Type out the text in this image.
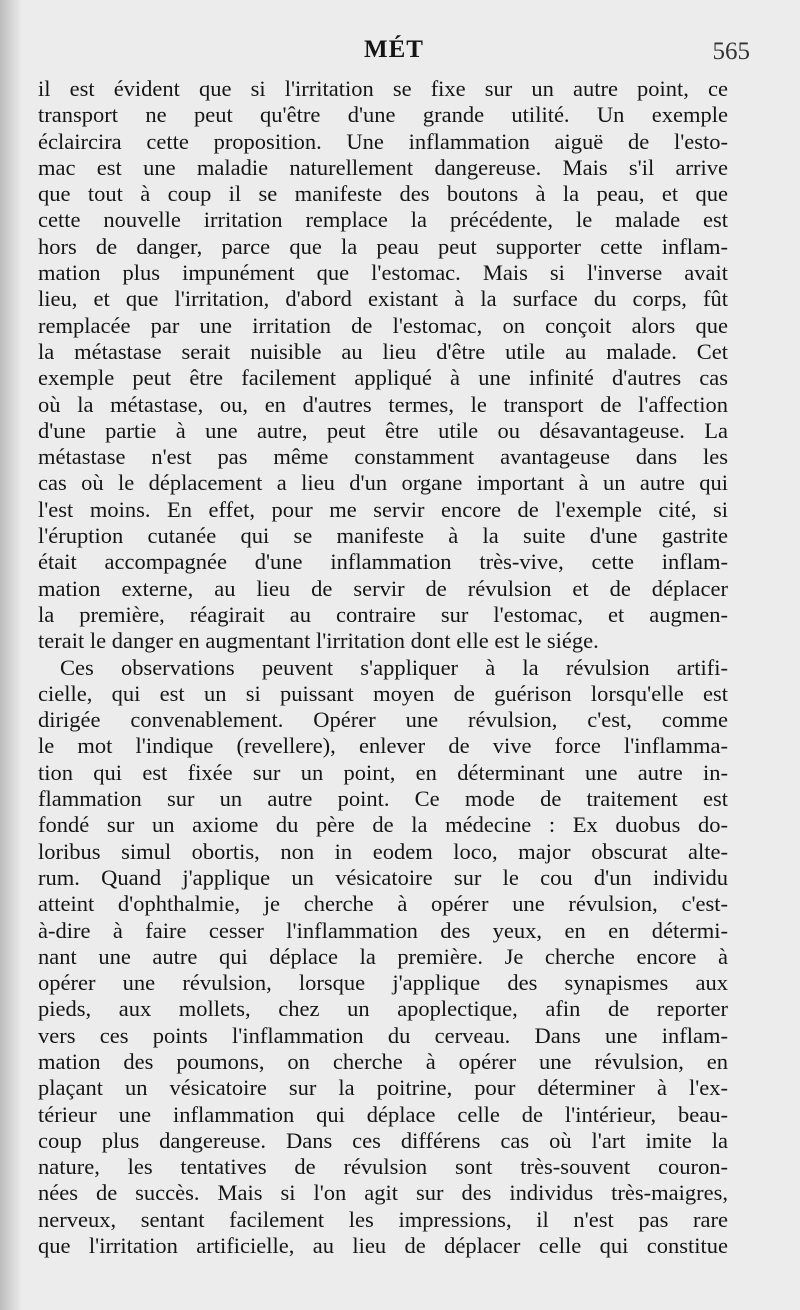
MÉT	565
il est évident que si l'irritation se fixe sur un autre point, ce
transport ne peut qu'être d'une grande utilité. Un exemple
éclaircira cette proposition. Une inflammation aiguë de l'esto-
mac est une maladie naturellement dangereuse. Mais s'il arrive
que tout à coup il se manifeste des boutons à la peau, et que
cette nouvelle irritation remplace la précédente, le malade est
hors de danger, parce que la peau peut supporter cette inflam-
mation plus impunément que l'estomac. Mais si l'inverse avait
lieu, et que l'irritation, d'abord existant à la surface du corps, fût
remplacée par une irritation de l'estomac, on conçoit alors que
la métastase serait nuisible au lieu d'être utile au malade. Cet
exemple peut être facilement appliqué à une infinité d'autres cas
où la métastase, ou, en d'autres termes, le transport de l'affection
d'une partie à une autre, peut être utile ou désavantageuse. La
métastase n'est pas même constamment avantageuse dans les
cas où le déplacement a lieu d'un organe important à un autre qui
l'est moins. En effet, pour me servir encore de l'exemple cité, si
l'éruption cutanée qui se manifeste à la suite d'une gastrite
était accompagnée d'une inflammation très-vive, cette inflam-
mation externe, au lieu de servir de révulsion et de déplacer
la première, réagirait au contraire sur l'estomac, et augmen-
terait le danger en augmentant l'irritation dont elle est le siége.
Ces observations peuvent s'appliquer à la révulsion artifi-
cielle, qui est un si puissant moyen de guérison lorsqu'elle est
dirigée convenablement. Opérer une révulsion, c'est, comme
le mot l'indique (revellere), enlever de vive force l'inflamma-
tion qui est fixée sur un point, en déterminant une autre in-
flammation sur un autre point. Ce mode de traitement est
fondé sur un axiome du père de la médecine : Ex duobus do-
loribus simul obortis, non in eodem loco, major obscurat alte-
rum. Quand j'applique un vésicatoire sur le cou d'un individu
atteint d'ophthalmie, je cherche à opérer une révulsion, c'est-
à-dire à faire cesser l'inflammation des yeux, en en détermi-
nant une autre qui déplace la première. Je cherche encore à
opérer une révulsion, lorsque j'applique des synapismes aux
pieds, aux mollets, chez un apoplectique, afin de reporter
vers ces points l'inflammation du cerveau. Dans une inflam-
mation des poumons, on cherche à opérer une révulsion, en
plaçant un vésicatoire sur la poitrine, pour déterminer à l'ex-
térieur une inflammation qui déplace celle de l'intérieur, beau-
coup plus dangereuse. Dans ces différens cas où l'art imite la
nature, les tentatives de révulsion sont très-souvent couron-
nées de succès. Mais si l'on agit sur des individus très-maigres,
nerveux, sentant facilement les impressions, il n'est pas rare
que l'irritation artificielle, au lieu de déplacer celle qui constitue
